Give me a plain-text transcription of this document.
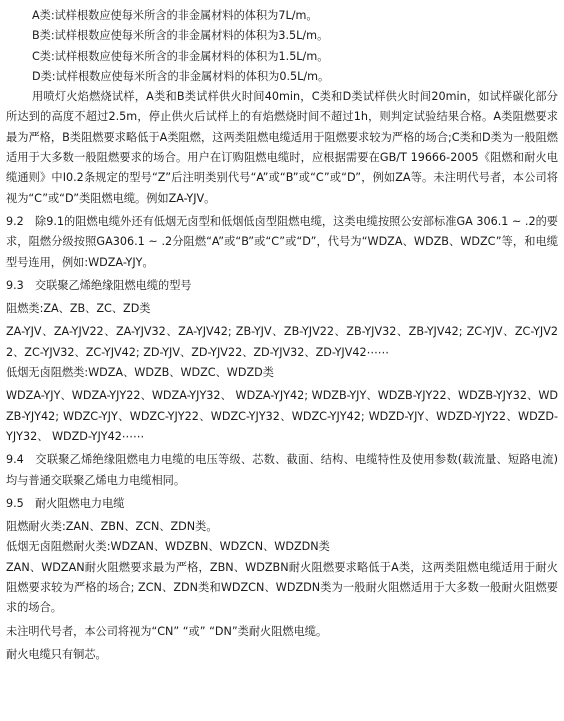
A类:试样根数应使每米所含的非金属材料的体积为7L/m。

B类:试样根数应使每米所含的非金属材料的体积为3.5L/m。

C类:试样根数应使每米所含的非金属材料的体积为1.5L/m。

D类:试样根数应使每米所含的非金属材料的体积为0.5L/m。

用喷灯火焰燃烧试样，A类和B类试样供火时间40min，C类和D类试样供火时间20min，如试样碳化部分所达到的高度不超过2.5m，停止供火后试样上的有焰燃烧时间不超过1h，则判定试验结果合格。A类阻燃要求最为严格，B类阻燃要求略低于A类阻燃，这两类阻燃电缆适用于阻燃要求较为严格的场合;C类和D类为一般阻燃适用于大多数一般阻燃要求的场合。用户在订购阻燃电缆时，应根据需要在GB/T 19666-2005《阻燃和耐火电缆通则》中I0.2条规定的型号“Z”后注明类别代号“A”或“B”或“C”或“D”，例如ZA等。未注明代号者，本公司将视为“C”或“D”类阻燃电缆。例如ZA-YJV。

9.2　除9.1的阻燃电缆外还有低烟无卤型和低烟低卤型阻燃电缆，这类电缆按照公安部标准GA 306.1 ~ .2的要求，阻燃分级按照GA306.1 ~ .2分阻燃“A”或“B”或“C”或“D”，代号为“WDZA、WDZB、WDZC”等，和电缆型号连用，例如:WDZA-YJY。

9.3　交联聚乙烯绝缘阻燃电缆的型号

阻燃类:ZA、ZB、ZC、ZD类

ZA-YJV、ZA-YJV22、ZA-YJV32、ZA-YJV42; ZB-YJV、ZB-YJV22、ZB-YJV32、ZB-YJV42; ZC-YJV、ZC-YJV22、ZC-YJV32、ZC-YJV42; ZD-YJV、ZD-YJV22、ZD-YJV32、ZD-YJV42⋯⋯

低烟无卤阻燃类:WDZA、WDZB、WDZC、WDZD类

WDZA-YJY、WDZA-YJY22、WDZA-YJY32、 WDZA-YJY42; WDZB-YJY、WDZB-YJY22、WDZB-YJY32、WDZB-YJY42; WDZC-YJY、WDZC-YJY22、WDZC-YJY32、WDZC-YJY42; WDZD-YJY、WDZD-YJY22、WDZD-YJY32、 WDZD-YJY42⋯⋯

9.4　交联聚乙烯绝缘阻燃电力电缆的电压等级、芯数、截面、结构、电缆特性及使用参数(载流量、短路电流)均与普通交联聚乙烯电力电缆相同。

9.5　耐火阻燃电力电缆

阻燃耐火类:ZAN、ZBN、ZCN、ZDN类。

低烟无卤阻燃耐火类:WDZAN、WDZBN、WDZCN、WDZDN类

ZAN、WDZAN耐火阻燃要求最为严格，ZBN、WDZBN耐火阻燃要求略低于A类，这两类阻燃电缆适用于耐火阻燃要求较为严格的场合; ZCN、ZDN类和WDZCN、WDZDN类为一般耐火阻燃适用于大多数一般耐火阻燃要求的场合。

未注明代号者，本公司将视为“CN” “或” “DN”类耐火阻燃电缆。

耐火电缆只有铜芯。
